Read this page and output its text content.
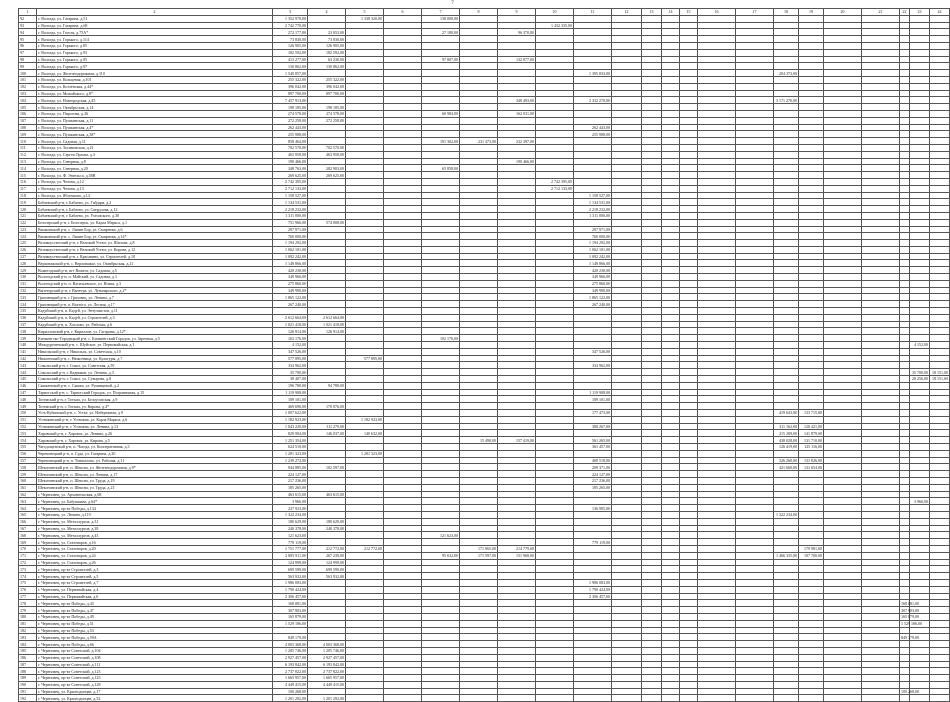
7
1	2	3	4	5	6	7	8	9	10	11	12	13	14	15	16	17	18	19	20	21	22	23	24
92	г. Вологда, ул. Гагарина, д.51	1 352 970,00		1 338 320,00		138 000,00																	
93	г. Вологда, ул. Гагарина, д.68	2 742 770,00							1 432 335,00														
94	г. Вологда, ул. Гоголя, д.75А*	272 177,00	23 053,00			27 180,00		96 370,00															
95	г. Вологда, ул. Горького, д.114	73 830,00	73 830,00																				
96	г. Вологда, ул. Горького, д.85	126 905,00	126 905,00																				
97	г. Вологда, ул. Горького, д.93	182 592,00	182 592,00																				
98	г. Вологда, ул. Горького, д.95	413 277,00	63 230,00			97 807,00		132 077,00															
99	г. Вологда, ул. Горького, д.97	130 862,00	130 862,00																				
100	г. Вологда, ул. Железнодорожная, д.110	1 540 857,00								1 395 833,00							204 373,00						
101	г. Вологда, ул. Кольцевая, д.101	255 322,00	255 322,00																				
102	г. Вологда, ул. Козлёнская, д.44*	396 042,00	396 042,00																				
103	г. Вологда, ул. Можайского, д.8*	897 700,00	897 700,00																				
104	г. Вологда, ул. Новгородская, д.45	7 457 913,00						348 493,00		2 332 270,00							3 171 270,00						
105	г. Вологда, ул. Октябрьская, д.14	198 185,00	198 185,00																				
106	г. Вологда, ул. Пирогова, д.26	274 578,00	274 578,00			60 984,00		162 031,00															
107	г. Вологда, ул. Пушкинская, д.11	272 258,00	272 258,00																				
108	г. Вологда, ул. Пушкинская, д.4*	262 443,00								262 443,00													
109	г. Вологда, ул. Пушкинская, д.38*	255 988,00								255 988,00													
110	г. Вологда, ул. Садовая, д.11	858 464,00				191 302,00	231 473,00	232 397,00															
111	г. Вологда, ул. Зосимовская, д.21	702 570,00	702 570,00																				
112	г. Вологда, ул. Сергея Орлова, д.3	463 958,00	463 958,00																				
113	г. Вологда, ул. Северная, д.8	190 466,00						190 466,00															
114	г. Вологда, ул. Северная, д.20	348 763,00	282 903,00			65 858,00																	
115	г. Вологда, ул. Ф. Энгельса, д.58В	269 625,00	269 625,00																				
116	г. Вологда, ул. Чехова, д.12	2 742 395,00							2 742 395,00														
117	г. Вологда, ул. Чехова, д.13	2 712 133,00							2 712 133,00														
118	г. Вологда, ул. Яблочкова, д.14	1 158 527,00								1 158 527,00													
119	Бабаевский р-н, г. Бабаево, ул. Гайдара, д.2	1 134 531,00								1 134 531,00													
120	Бабаевский р-н, г. Бабаево, ул. Свердлова, д.12	2 218 232,00								2 218 232,00													
121	Бабаевский р-н, г. Бабаево, ул. Ухтомского, д.30	1 311 000,00								1 311 000,00													
122	Белозерский р-н, г. Белозерск, ул. Карла Маркса, д.1	751 966,00	574 008,00																				
123	Вашкинский р-н, с. Липин Бор, ул. Смирнова, д.6	297 971,00								297 971,00													
124	Вашкинский р-н, с. Липин Бор, ул. Смирнова, д.14*	760 000,00								760 000,00													
125	Великоустюгский р-н, г. Великий Устюг, ул. Шилова, д.8	1 194 292,00								1 194 292,00													
126	Великоустюгский р-н, г. Великий Устюг, ул. Кирова, д.12	1 062 101,00								1 062 101,00													
127	Великоустюгский р-н, г. Красавино, ул. Строителей, д.10	1 092 242,00								1 092 242,00													
128	Верховажский р-н, с. Верховажье, ул. Октябрьская, д.21	1 148 866,00								1 148 866,00													
129	Вожегодский р-н, пгт Вожега, ул. Садовая, д.5	420 230,00								420 230,00													
130	Вологодский р-н, п. Майский, ул. Садовая, д.1	349 966,00								349 966,00													
131	Вологодский р-н, п. Васильевское, ул. Новая, д.3	275 860,00								275 860,00													
132	Вытегорский р-н, г. Вытегра, ул. Луначарского, д.2*	349 990,00								349 990,00													
133	Грязовецкий р-н, г. Грязовец, ул. Ленина, д.7	1 865 122,00								1 865 122,00													
134	Грязовецкий р-н, п. Вохтога, ул. Лесная, д.17	267 240,00								267 240,00													
135	Кадуйский р-н, п. Кадуй, ул. Энтузиастов, д.11																						
136	Кадуйский р-н, п. Кадуй, ул. Строителей, д.3	2 612 664,00	2 612 664,00																				
137	Кадуйский р-н, п. Хохлово, ул. Рабочая, д.6	1 021 418,00	1 021 418,00																				
138	Кирилловский р-н, г. Кириллов, ул. Гагарина, д.12*	126 914,00	126 914,00																				
139	Кичменгско-Городецкий р-н, с. Кичменгский Городок, ул. Заречная, д.5	102 176,00				102 176,00																	
140	Междуреченский р-н, с. Шуйское, ул. Первомайская, д.1	4 152,00																				4 152,00	
141	Никольский р-н, г. Никольск, ул. Советская, д.10	347 526,00								347 526,00													
142	Нюксенский р-н, с. Нюксеница, ул. Культуры, д.7	577 895,00		577 895,00																			
143	Сокольский р-н, г. Сокол, ул. Советская, д.59	334 962,00								334 962,00													
144	Сокольский р-н, г. Кадников, ул. Ленина, д.3	35 700,00																				35 700,00	18 151,00
145	Сокольский р-н, г. Сокол, ул. Суворова, д.8	38 407,00																				20 256,00	18 151,00
146	Сямженский р-н, с. Сямжа, ул. Румянцевой, д.2	196 780,00	94 780,00																				
147	Тарногский р-н, с. Тарногский Городок, ул. Пограничная, д.15	1 119 908,00								1 119 908,00													
148	Тотемский р-н, г. Тотьма, ул. Белоусовская, д.9	189 101,00								189 101,00													
149	Тотемский р-н, г. Тотьма, ул. Кирова, д.4*	469 690,00	170 076,00																				
150	Усть-Кубинский р-н, с. Устье, ул. Набережная, д.9	1 007 622,00								177 473,00							419 643,00	133 715,00					
151	Устюженский р-н, г. Устюжна, ул. Карла Маркса, д.6	1 182 923,00		1 182 923,00																			
152	Устюженский р-н, г. Устюжна, ул. Ленина, д.13	1 043 229,00	111 279,00							380 267,00							311 162,00	120 421,00					
153	Харовский р-н, г. Харовск, ул. Ленина, д.26	829 904,00	146 037,00	140 632,00													215 209,00	141 879,00					
154	Харовский р-н, г. Харовск, ул. Кирова, д.5	1 251 354,00					15 490,00	157 419,00		561 265,00							438 028,00	131 710,00					
155	Чагодощенский р-н, п. Чагода, ул. Кооперативная, д.3	624 510,00								361 457,00							126 419,00	125 116,00					
156	Череповецкий р-н, п. Суда, ул. Гагарина, д.20	1 281 323,00		1 281 323,00																			
157	Череповецкий р-н, п. Тоншалово, ул. Рабочая, д.11	1 239 272,00								400 518,00							326 260,00	131 026,00					
158	Шекснинский р-н, п. Шексна, ул. Железнодорожная, д.9*	944 885,00	102 597,00							209 371,00							421 660,00	131 654,00					
159	Шекснинский р-н, п. Шексна, ул. Ленина, д.17	224 127,00								224 127,00													
160	Шекснинский р-н, п. Шексна, ул. Труда, д.19	217 236,00								217 236,00													
161	Шекснинский р-н, п. Шексна, ул. Труда, д.21	185 265,00								185 265,00													
162	г. Череповец, ул. Архангельская, д.68	463 615,00	463 615,00																				
163	г. Череповец, ул. Бабушкина, д.64*	3 966,00																				3 966,00	
164	г. Череповец, пр-кт Победы, д.134	237 923,00								136 905,00													
165	г. Череповец, ул. Ленина, д.119	1 322 234,00															1 322 234,00						
166	г. Череповец, ул. Металлургов, д.31	180 629,00	180 629,00																				
167	г. Череповец, ул. Металлургов, д.39	240 378,00	240 378,00																				
168	г. Череповец, ул. Металлургов, д.43	121 623,00				121 623,00																	
169	г. Череповец, ул. Сталеваров, д.16	779 119,00								779 119,00													
170	г. Череповец, ул. Сталеваров, д.20	1 751 777,00	212 772,00	212 772,00			171 065,00	214 779,00										179 981,00					
171	г. Череповец, ул. Сталеваров, д.24	2 805 911,00	267 239,00			95 632,00	171 597,00	151 968,00									1 466 335,00	107 700,00					
172	г. Череповец, ул. Сталеваров, д.26	124 999,00	124 999,00																				
173	г. Череповец, пр-кт Строителей, д.3	699 599,00	699 599,00																				
174	г. Череповец, пр-кт Строителей, д.5	563 932,00	563 932,00																				
175	г. Череповец, пр-кт Строителей, д.7	1 986 083,00								1 986 083,00													
176	г. Череповец, ул. Первомайская, д.4	1 790 424,00								1 790 424,00													
177	г. Череповец, ул. Первомайская, д.6	2 306 457,00								2 306 457,00													
178	г. Череповец, пр-кт Победы, д.43	168 081,00																			168 081,00		
179	г. Череповец, пр-кт Победы, д.47	307 903,00																			307 903,00		
180	г. Череповец, пр-кт Победы, д.49	165 879,00																			165 879,00		
181	г. Череповец, пр-кт Победы, д.51	1 529 186,00																			1 529 186,00		
182	г. Череповец, пр-кт Победы, д.53																						
183	г. Череповец, пр-кт Победы, д.59А	849 179,00																			849 179,00		
184	г. Череповец, пр-кт Победы, д.66	4 003 368,00	4 003 368,00																				
185	г. Череповец, пр-кт Советский, д.104	1 205 746,00	1 205 746,00																				
186	г. Череповец, пр-кт Советский, д.108	2 927 457,00	2 927 457,00																				
187	г. Череповец, пр-кт Советский, д.111	6 193 842,00	6 193 842,00																				
188	г. Череповец, пр-кт Советский, д.123	2 737 822,00	2 737 822,00																				
189	г. Череповец, пр-кт Советский, д.125	1 665 957,00	1 665 957,00																				
190	г. Череповец, пр-кт Советский, д.128	4 449 415,00	4 449 415,00																				
191	г. Череповец, ул. Краснодонцев, д.17	100 268,00																			100 268,00		
192	г. Череповец, ул. Краснодонцев, д.52	1 201 292,00	1 201 292,00																				
